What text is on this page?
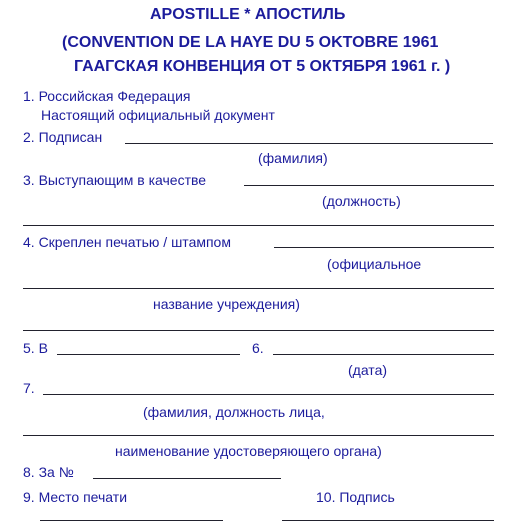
APOSTILLE * АПОСТИЛЬ
(CONVENTION DE LA HAYE DU 5 OKTOBRE 1961
ГААГСКАЯ КОНВЕНЦИЯ ОТ 5 ОКТЯБРЯ 1961 г. )
1. Российская Федерация
Настоящий официальный документ
2. Подписан
(фамилия)
3. Выступающим в качестве
(должность)
4. Скреплен печатью / штампом
(официальное
название учреждения)
5. В	6.
(дата)
7.
(фамилия, должность лица,
наименование удостоверяющего органа)
8. За №
9. Место печати	10. Подпись
